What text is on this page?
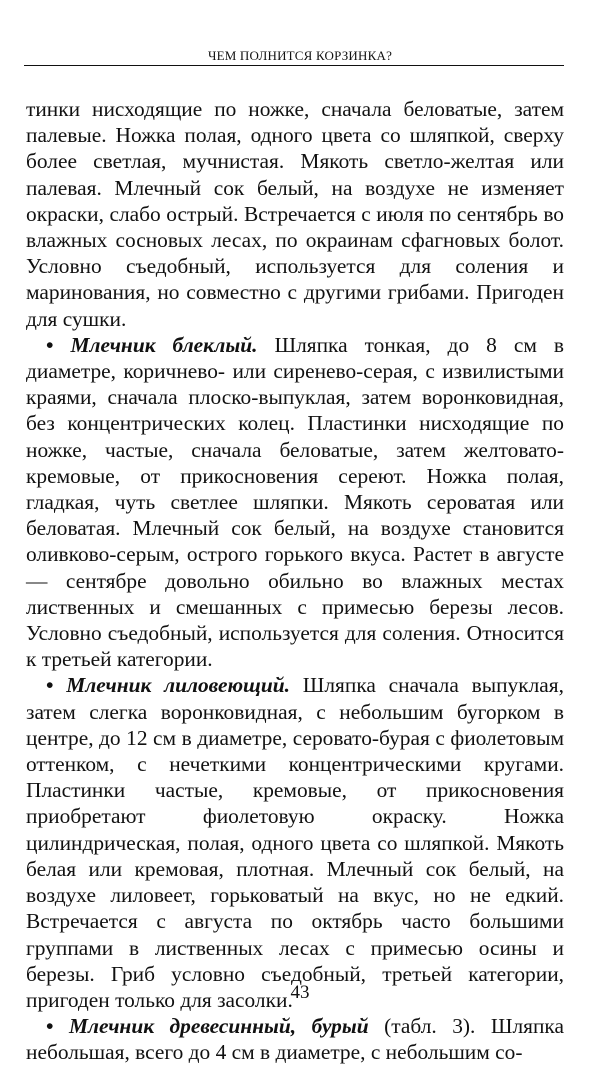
ЧЕМ ПОЛНИТСЯ КОРЗИНКА?

тинки нисходящие по ножке, сначала беловатые, затем палевые. Ножка полая, одного цвета со шляпкой, сверху более светлая, мучнистая. Мякоть светло-желтая или палевая. Млечный сок белый, на воздухе не изменяет окраски, слабо острый. Встречается с июля по сентябрь во влажных сосновых лесах, по окраинам сфагновых болот. Условно съедобный, используется для соления и маринования, но совместно с другими грибами. Пригоден для сушки.

• Млечник блеклый. Шляпка тонкая, до 8 см в диаметре, коричнево- или сиренево-серая, с извилистыми краями, сначала плоско-выпуклая, затем воронковидная, без концентрических колец. Пластинки нисходящие по ножке, частые, сначала беловатые, затем желтовато-кремовые, от прикосновения сереют. Ножка полая, гладкая, чуть светлее шляпки. Мякоть сероватая или беловатая. Млечный сок белый, на воздухе становится оливково-серым, острого горького вкуса. Растет в августе — сентябре довольно обильно во влажных местах лиственных и смешанных с примесью березы лесов. Условно съедобный, используется для соления. Относится к третьей категории.

• Млечник лиловеющий. Шляпка сначала выпуклая, затем слегка воронковидная, с небольшим бугорком в центре, до 12 см в диаметре, серовато-бурая с фиолетовым оттенком, с нечеткими концентрическими кругами. Пластинки частые, кремовые, от прикосновения приобретают фиолетовую окраску. Ножка цилиндрическая, полая, одного цвета со шляпкой. Мякоть белая или кремовая, плотная. Млечный сок белый, на воздухе лиловеет, горьковатый на вкус, но не едкий. Встречается с августа по октябрь часто большими группами в лиственных лесах с примесью осины и березы. Гриб условно съедобный, третьей категории, пригоден только для засолки.

• Млечник древесинный, бурый (табл. 3). Шляпка небольшая, всего до 4 см в диаметре, с небольшим со-

43
